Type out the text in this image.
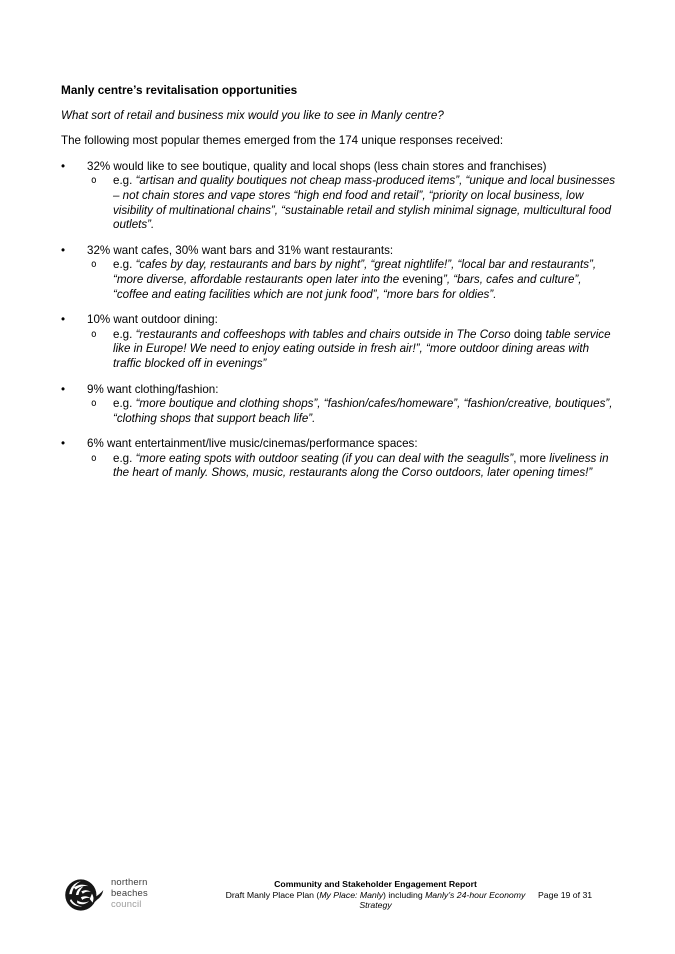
Manly centre’s revitalisation opportunities

What sort of retail and business mix would you like to see in Manly centre?

The following most popular themes emerged from the 174 unique responses received:

•	32% would like to see boutique, quality and local shops (less chain stores and franchises)
o	e.g. “artisan and quality boutiques not cheap mass-produced items”, “unique and local businesses – not chain stores and vape stores “high end food and retail”, “priority on local business, low visibility of multinational chains”, “sustainable retail and stylish minimal signage, multicultural food outlets”.
•	32% want cafes, 30% want bars and 31% want restaurants:
o	e.g. “cafes by day, restaurants and bars by night”, “great nightlife!”, “local bar and restaurants”, “more diverse, affordable restaurants open later into the evening”, “bars, cafes and culture”, “coffee and eating facilities which are not junk food”, “more bars for oldies”.
•	10% want outdoor dining:
o	e.g. “restaurants and coffeeshops with tables and chairs outside in The Corso doing table service like in Europe! We need to enjoy eating outside in fresh air!”, “more outdoor dining areas with traffic blocked off in evenings”
•	9% want clothing/fashion:
o	e.g. “more boutique and clothing shops”, “fashion/cafes/homeware”, “fashion/creative, boutiques”, “clothing shops that support beach life”.
•	6% want entertainment/live music/cinemas/performance spaces:
o	e.g. “more eating spots with outdoor seating (if you can deal with the seagulls”, more liveliness in the heart of manly. Shows, music, restaurants along the Corso outdoors, later opening times!”
northern
beaches
council
Community and Stakeholder Engagement Report
Draft Manly Place Plan (My Place: Manly) including Manly’s 24-hour Economy
Strategy
Page 19 of 31
